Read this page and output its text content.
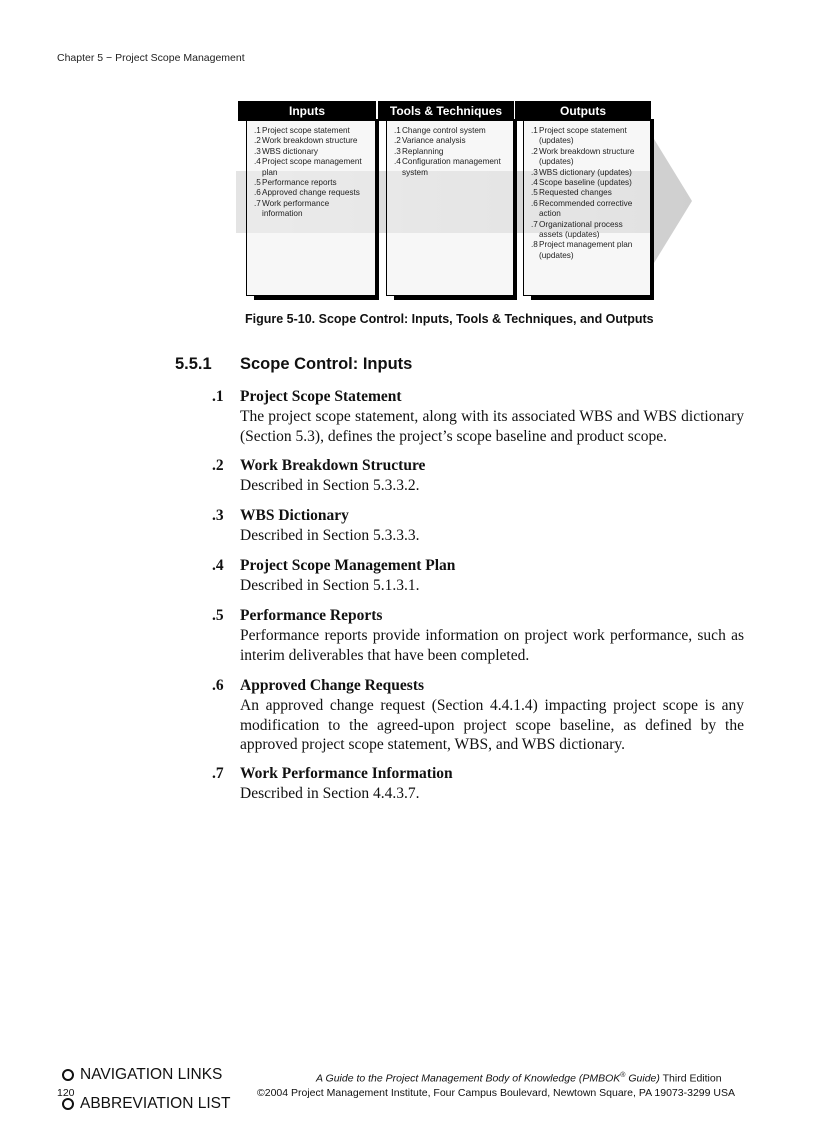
Chapter 5 − Project Scope Management
Inputs
.1 Project scope statement
.2 Work breakdown structure
.3 WBS dictionary
.4 Project scope management plan
.5 Performance reports
.6 Approved change requests
.7 Work performance information
Tools & Techniques
.1 Change control system
.2 Variance analysis
.3 Replanning
.4 Configuration management system
Outputs
.1 Project scope statement (updates)
.2 Work breakdown structure (updates)
.3 WBS dictionary (updates)
.4 Scope baseline (updates)
.5 Requested changes
.6 Recommended corrective action
.7 Organizational process assets (updates)
.8 Project management plan (updates)
Figure 5-10. Scope Control: Inputs, Tools & Techniques, and Outputs
5.5.1 Scope Control: Inputs
.1 Project Scope Statement
The project scope statement, along with its associated WBS and WBS dictionary (Section 5.3), defines the project’s scope baseline and product scope.
.2 Work Breakdown Structure
Described in Section 5.3.3.2.
.3 WBS Dictionary
Described in Section 5.3.3.3.
.4 Project Scope Management Plan
Described in Section 5.1.3.1.
.5 Performance Reports
Performance reports provide information on project work performance, such as interim deliverables that have been completed.
.6 Approved Change Requests
An approved change request (Section 4.4.1.4) impacting project scope is any modification to the agreed-upon project scope baseline, as defined by the approved project scope statement, WBS, and WBS dictionary.
.7 Work Performance Information
Described in Section 4.4.3.7.
NAVIGATION LINKS
ABBREVIATION LIST
120
A Guide to the Project Management Body of Knowledge (PMBOK® Guide) Third Edition
©2004 Project Management Institute, Four Campus Boulevard, Newtown Square, PA 19073-3299 USA
